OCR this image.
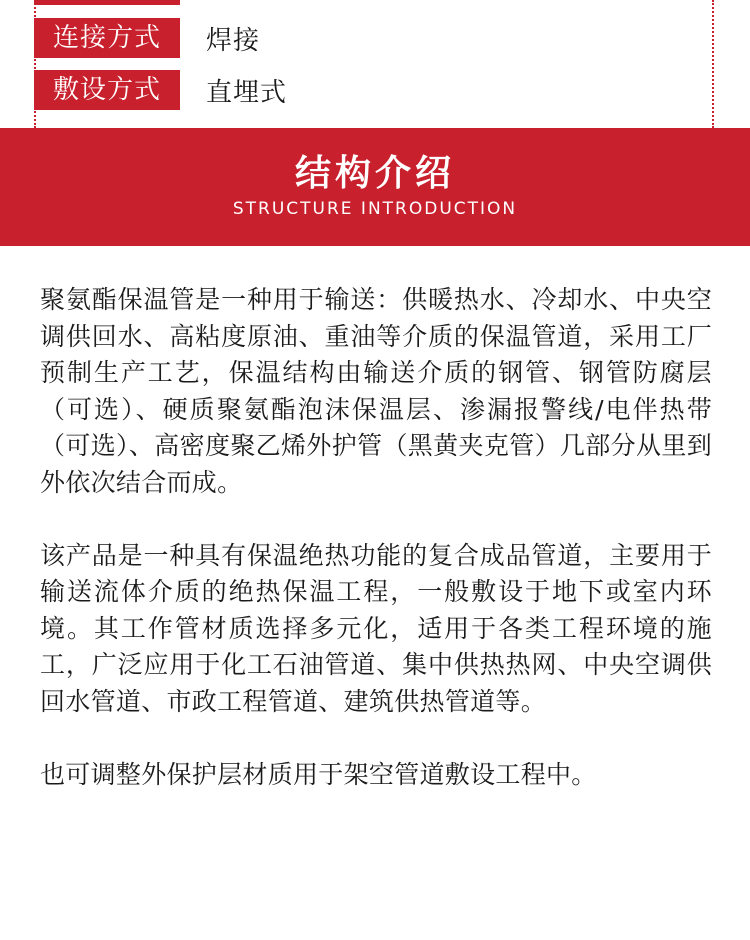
连接方式	焊接
敷设方式	直埋式
结构介绍
STRUCTURE INTRODUCTION

聚氨酯保温管是一种用于输送：供暖热水、冷却水、中央空调供回水、高粘度原油、重油等介质的保温管道，采用工厂预制生产工艺，保温结构由输送介质的钢管、钢管防腐层（可选）、硬质聚氨酯泡沫保温层、渗漏报警线/电伴热带（可选）、高密度聚乙烯外护管（黑黄夹克管）几部分从里到外依次结合而成。

该产品是一种具有保温绝热功能的复合成品管道，主要用于输送流体介质的绝热保温工程，一般敷设于地下或室内环境。其工作管材质选择多元化，适用于各类工程环境的施工，广泛应用于化工石油管道、集中供热热网、中央空调供回水管道、市政工程管道、建筑供热管道等。

也可调整外保护层材质用于架空管道敷设工程中。
